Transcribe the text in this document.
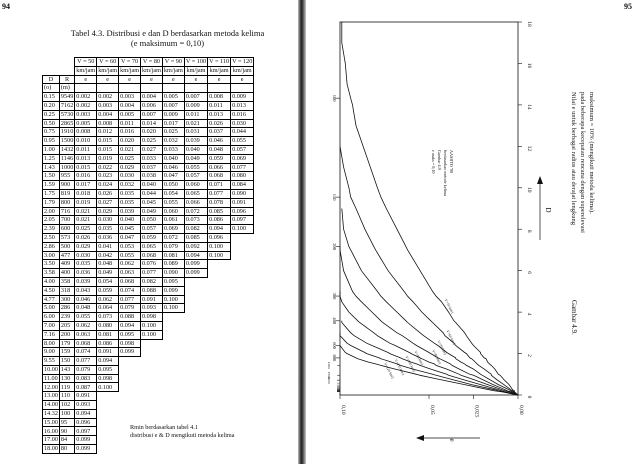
94
Tabel 4.3. Distribusi e dan D berdasarkan metoda kelima
(e maksimum = 0,10)
		V = 50	V = 60	V = 70	V = 80	V = 90	V = 100	V = 110	V = 120
		km/jam	km/jam	km/jam	km/jam	km/jam	km/jam	km/jam	km/jam
D	R	e	e	e	e	e	e	e	e
(o)	(m)								
0.15	9549	0.002	0.002	0.003	0.004	0.005	0.007	0.008	0.009
0.20	7162	0.002	0.003	0.004	0.006	0.007	0.009	0.011	0.013
0.25	5730	0.003	0.004	0.005	0.007	0.009	0.011	0.013	0.016
0.50	2865	0.005	0.008	0.011	0.014	0.017	0.021	0.026	0.030
0.75	1910	0.008	0.012	0.016	0.020	0.025	0.031	0.037	0.044
0.95	1500	0.010	0.015	0.020	0.025	0.032	0.039	0.046	0.055
1.00	1432	0.011	0.015	0.021	0.027	0.033	0.040	0.048	0.057
1.25	1146	0.013	0.019	0.025	0.033	0.040	0.049	0.059	0.069
1.43	1000	0.015	0.022	0.029	0.037	0.046	0.055	0.066	0.077
1.50	955	0.016	0.023	0.030	0.038	0.047	0.057	0.068	0.080
1.59	900	0.017	0.024	0.032	0.040	0.050	0.060	0.071	0.084
1.75	819	0.018	0.026	0.035	0.044	0.054	0.065	0.077	0.090
1.79	800	0.019	0.027	0.035	0.045	0.055	0.066	0.078	0.091
2.00	716	0.021	0.029	0.039	0.049	0.060	0.072	0.085	0.096
2.05	700	0.021	0.030	0.040	0.050	0.061	0.073	0.086	0.097
2.39	600	0.025	0.035	0.045	0.057	0.069	0.082	0.094	0.100
2.50	573	0.026	0.036	0.047	0.059	0.072	0.085	0.096	
2.86	500	0.029	0.041	0.053	0.065	0.079	0.092	0.100	
3.00	477	0.030	0.042	0.055	0.068	0.081	0.094	0.100	
3.50	409	0.035	0.048	0.062	0.076	0.089	0.099		
3.58	400	0.036	0.049	0.063	0.077	0.090	0.099		
4.00	358	0.039	0.054	0.068	0.082	0.095			
4.50	318	0.043	0.059	0.074	0.088	0.099			
4.77	300	0.046	0.062	0.077	0.091	0.100			
5.00	286	0.048	0.064	0.079	0.093	0.100			
6.00	239	0.055	0.073	0.088	0.098				
7.00	205	0.062	0.080	0.094	0.100				
7.16	200	0.063	0.081	0.095	0.100				
8.00	179	0.068	0.086	0.098					
9.00	159	0.074	0.091	0.099					
9.55	150	0.077	0.094						
10.00	143	0.079	0.095						
11.00	130	0.083	0.098						
12.00	119	0.087	0.100						
13.00	110	0.091							
14.00	102	0.093							
14.32	100	0.094							
15.00	95	0.096							
16.00	90	0.097							
17.00	84	0.099							
18.00	80	0.099							
Rmin berdasarkan tabel 4.1
distribusi e & D mengikuti metoda kelima
95
0
2
4
6
8
10
12
14
16
18
D
800
600
400
300
200
150
100
2000
1500
1000
0,10	0,05	0,025	0,00
e
V=50 km/j
V=60 km/j
V=70 km/j
V=80 km/j
V=90 km/j
V=100 km/j
V=110 km/j
V=120 km/j
e maks = 0,10 Gambar 4.9 berdasarkan metode kelima AASHTO '90
Gambar 4.9.
Nilai e untuk berbagai radius atau derajat lengkung pada beberapa kecepatan rencana dengan superelevasi maksimum = 10% (mengikuti metoda kelima).
